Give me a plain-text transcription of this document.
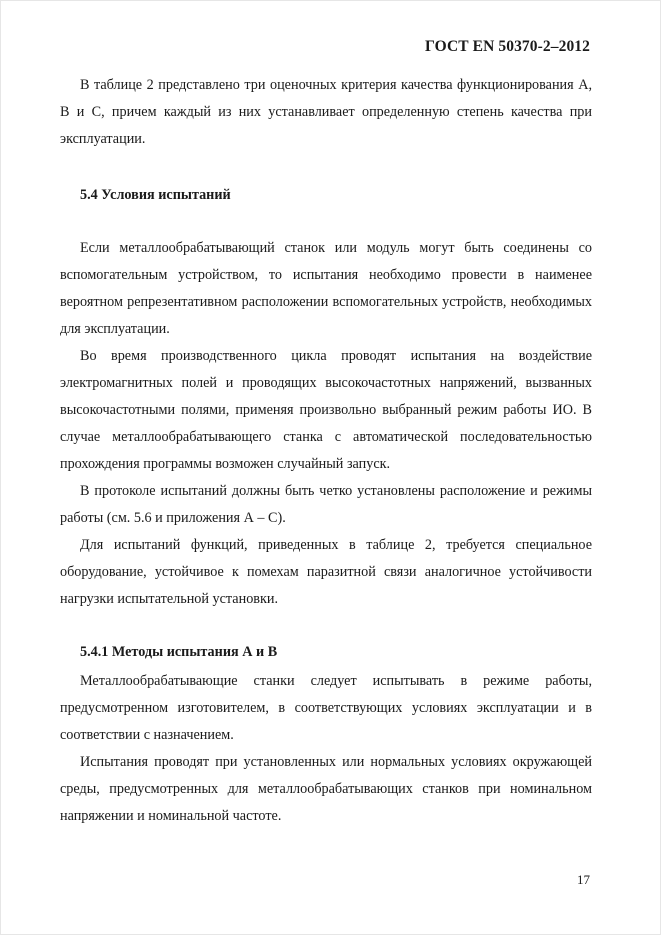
ГОСТ EN 50370-2–2012

В таблице 2 представлено три оценочных критерия качества функционирования А, В и С, причем каждый из них устанавливает определенную степень качества при эксплуатации.

5.4 Условия испытаний

Если металлообрабатывающий станок или модуль могут быть соединены со вспомогательным устройством, то испытания необходимо провести в наименее вероятном репрезентативном расположении вспомогательных устройств, необходимых для эксплуатации.

Во время производственного цикла проводят испытания на воздействие электромагнитных полей и проводящих высокочастотных напряжений, вызванных высокочастотными полями, применяя произвольно выбранный режим работы ИО. В случае металлообрабатывающего станка с автоматической последовательностью прохождения программы возможен случайный запуск.

В протоколе испытаний должны быть четко установлены расположение и режимы работы (см. 5.6 и приложения А – С).

Для испытаний функций, приведенных в таблице 2, требуется специальное оборудование, устойчивое к помехам паразитной связи аналогичное устойчивости нагрузки испытательной установки.

5.4.1 Методы испытания А и В

Металлообрабатывающие станки следует испытывать в режиме работы, предусмотренном изготовителем, в соответствующих условиях эксплуатации и в соответствии с назначением.

Испытания проводят при установленных или нормальных условиях окружающей среды, предусмотренных для металлообрабатывающих станков при номинальном напряжении и номинальной частоте.

17
